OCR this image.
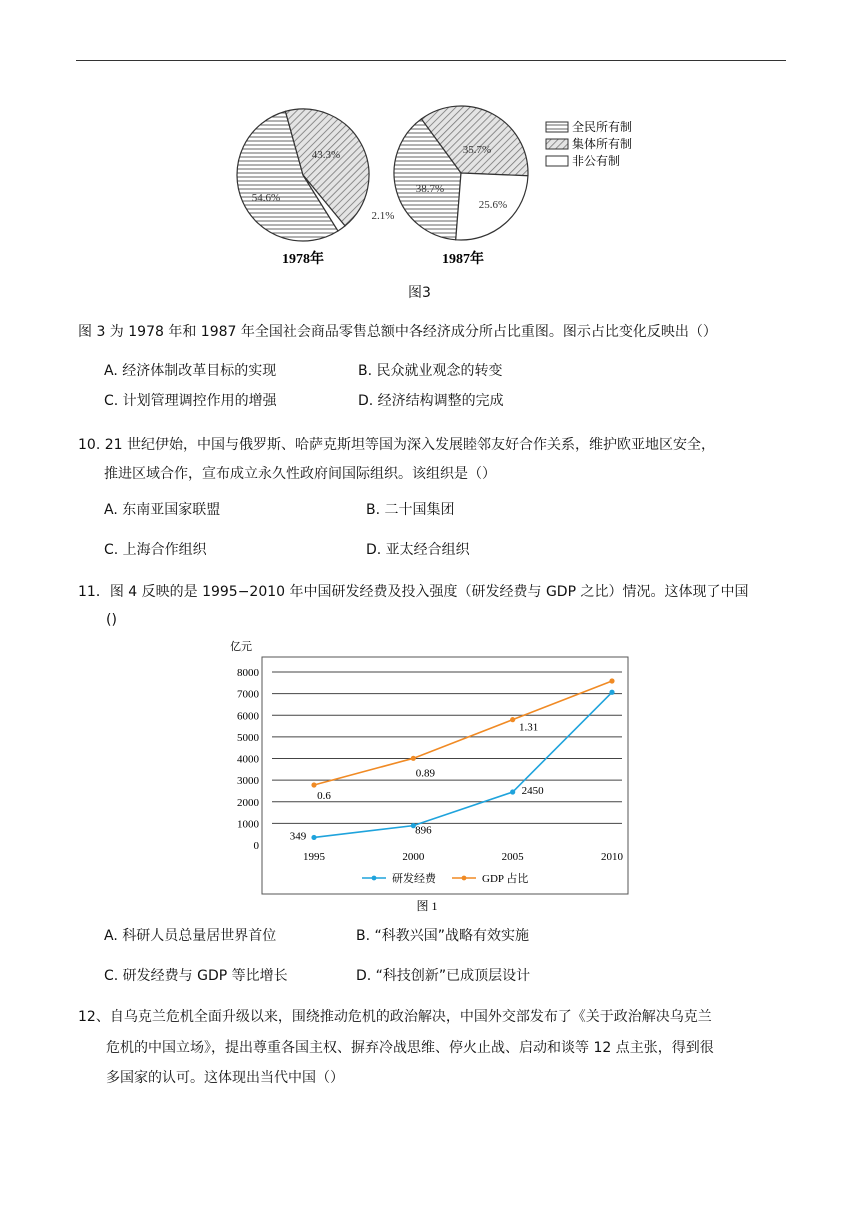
54.6%
43.3%
2.1%
38.7%
35.7%
25.6%
1978年	1987年
全民所有制
集体所有制
非公有制
图3
图 3 为 1978 年和 1987 年全国社会商品零售总额中各经济成分所占比重图。图示占比变化反映出（）
A. 经济体制改革目标的实现	B. 民众就业观念的转变
C. 计划管理调控作用的增强	D. 经济结构调整的完成
10. 21 世纪伊始，中国与俄罗斯、哈萨克斯坦等国为深入发展睦邻友好合作关系，维护欧亚地区安全，
推进区域合作，宣布成立永久性政府间国际组织。该组织是（）
A. 东南亚国家联盟	B. 二十国集团
C. 上海合作组织	D. 亚太经合组织
11．图 4 反映的是 1995−2010 年中国研发经费及投入强度（研发经费与 GDP 之比）情况。这体现了中国
()
亿元
0
1000
2000
3000
4000
5000
6000
7000
8000
1995	2000	2005	2010
349	896
2450
0.6
0.89
1.31
研发经费	GDP 占比
图 1
A. 科研人员总量居世界首位	B. “科教兴国”战略有效实施
C. 研发经费与 GDP 等比增长	D. “科技创新”已成顶层设计
12、自乌克兰危机全面升级以来，围绕推动危机的政治解决，中国外交部发布了《关于政治解决乌克兰
危机的中国立场》，提出尊重各国主权、摒弃冷战思维、停火止战、启动和谈等 12 点主张，得到很
多国家的认可。这体现出当代中国（）
